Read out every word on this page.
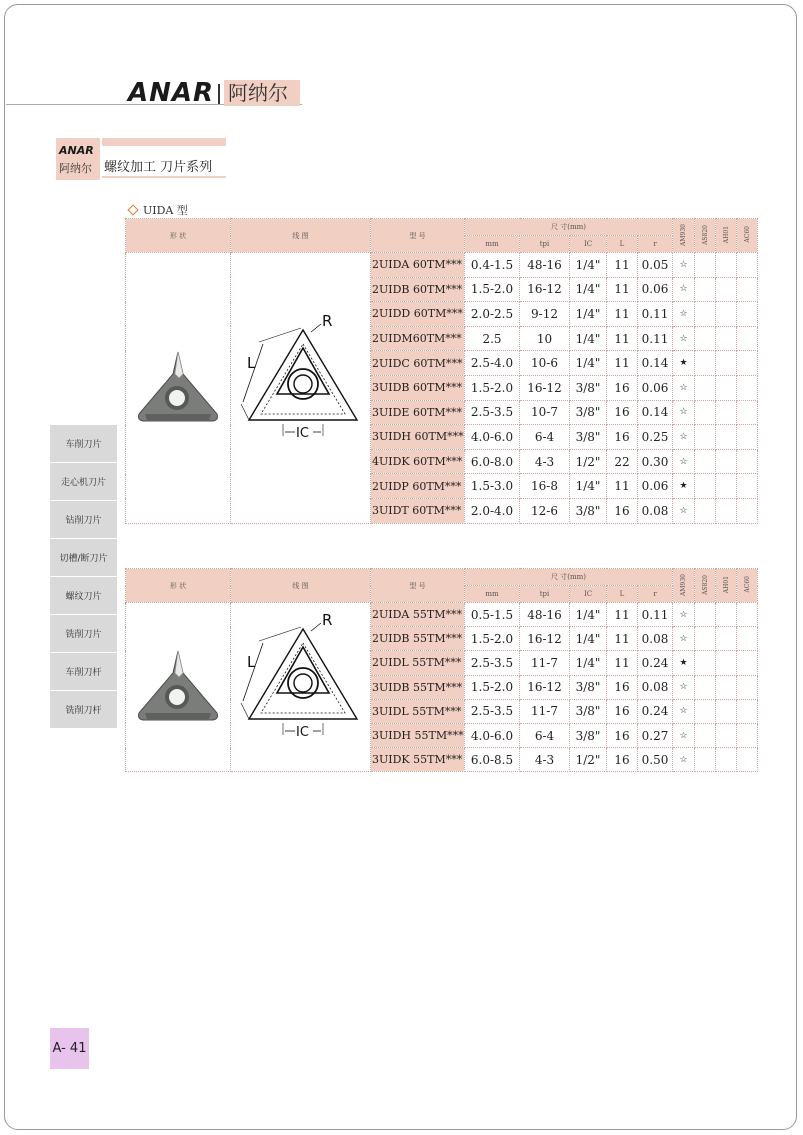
ANAR 阿纳尔
ANAR
阿纳尔 螺纹加工 刀片系列
UIDA 型
形 状	线 图	型 号	尺 寸(mm)					AM930	AS820	AH01	AC60
			mm	tpi	IC	L	r				

R
L
IC	2UIDA 60TM***	0.4-1.5	48-16	1/4"	11	0.05	☆			
		2UIDB 60TM***	1.5-2.0	16-12	1/4"	11	0.06	☆			
		2UIDD 60TM***	2.0-2.5	9-12	1/4"	11	0.11	☆			
		2UIDM60TM***	2.5	10	1/4"	11	0.11	☆			
		2UIDC 60TM***	2.5-4.0	10-6	1/4"	11	0.14	★			
		3UIDB 60TM***	1.5-2.0	16-12	3/8"	16	0.06	☆			
		3UIDE 60TM***	2.5-3.5	10-7	3/8"	16	0.14	☆			
		3UIDH 60TM***	4.0-6.0	6-4	3/8"	16	0.25	☆			
		4UIDK 60TM***	6.0-8.0	4-3	1/2"	22	0.30	☆			
		2UIDP 60TM***	1.5-3.0	16-8	1/4"	11	0.06	★			
		3UIDT 60TM***	2.0-4.0	12-6	3/8"	16	0.08	☆			
形 状	线 图	型 号	尺 寸(mm)					AM930	AS820	AH01	AC60
			mm	tpi	IC	L	r				

R
L
IC	2UIDA 55TM***	0.5-1.5	48-16	1/4"	11	0.11	☆			
		2UIDB 55TM***	1.5-2.0	16-12	1/4"	11	0.08	☆			
		2UIDL 55TM***	2.5-3.5	11-7	1/4"	11	0.24	★			
		3UIDB 55TM***	1.5-2.0	16-12	3/8"	16	0.08	☆			
		3UIDL 55TM***	2.5-3.5	11-7	3/8"	16	0.24	☆			
		3UIDH 55TM***	4.0-6.0	6-4	3/8"	16	0.27	☆			
		3UIDK 55TM***	6.0-8.5	4-3	1/2"	16	0.50	☆			
车削刀片
走心机刀片
钻削刀片
切槽/断刀片
螺纹刀片
铣削刀片
车削刀杆
铣削刀杆
A- 41
